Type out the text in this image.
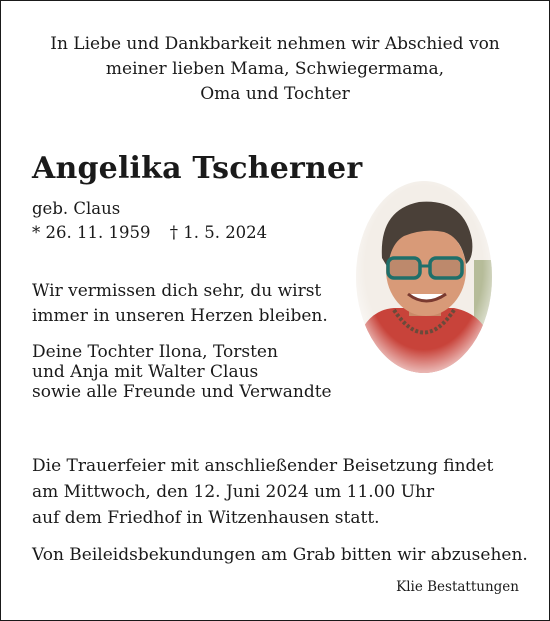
In Liebe und Dankbarkeit nehmen wir Abschied von
meiner lieben Mama, Schwiegermama,
Oma und Tochter
Angelika Tscherner
geb. Claus
* 26. 11. 1959 † 1. 5. 2024
Wir vermissen dich sehr, du wirst
immer in unseren Herzen bleiben.
Deine Tochter Ilona, Torsten
und Anja mit Walter Claus
sowie alle Freunde und Verwandte
Die Trauerfeier mit anschließender Beisetzung findet
am Mittwoch, den 12. Juni 2024 um 11.00 Uhr
auf dem Friedhof in Witzenhausen statt.
Von Beileidsbekundungen am Grab bitten wir abzusehen.
Klie Bestattungen
